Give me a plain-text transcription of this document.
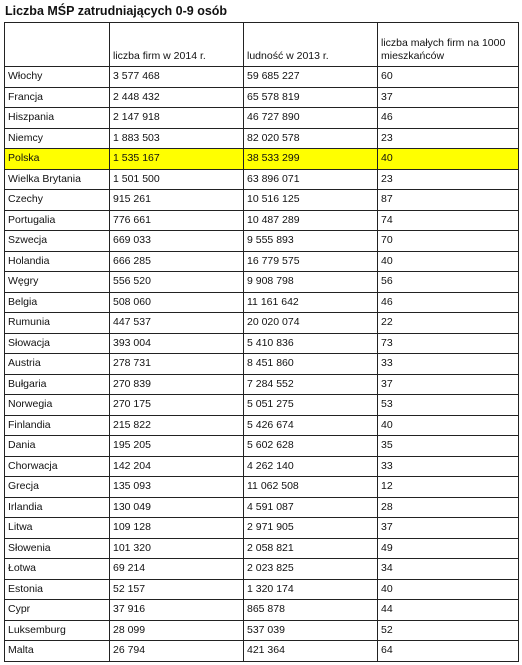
Liczba MŚP zatrudniających 0-9 osób
	liczba firm w 2014 r.	ludność w 2013 r.	liczba małych firm na 1000 mieszkańców
Włochy	3 577 468	59 685 227	60
Francja	2 448 432	65 578 819	37
Hiszpania	2 147 918	46 727 890	46
Niemcy	1 883 503	82 020 578	23
Polska	1 535 167	38 533 299	40
Wielka Brytania	1 501 500	63 896 071	23
Czechy	915 261	10 516 125	87
Portugalia	776 661	10 487 289	74
Szwecja	669 033	9 555 893	70
Holandia	666 285	16 779 575	40
Węgry	556 520	9 908 798	56
Belgia	508 060	11 161 642	46
Rumunia	447 537	20 020 074	22
Słowacja	393 004	5 410 836	73
Austria	278 731	8 451 860	33
Bułgaria	270 839	7 284 552	37
Norwegia	270 175	5 051 275	53
Finlandia	215 822	5 426 674	40
Dania	195 205	5 602 628	35
Chorwacja	142 204	4 262 140	33
Grecja	135 093	11 062 508	12
Irlandia	130 049	4 591 087	28
Litwa	109 128	2 971 905	37
Słowenia	101 320	2 058 821	49
Łotwa	69 214	2 023 825	34
Estonia	52 157	1 320 174	40
Cypr	37 916	865 878	44
Luksemburg	28 099	537 039	52
Malta	26 794	421 364	64
